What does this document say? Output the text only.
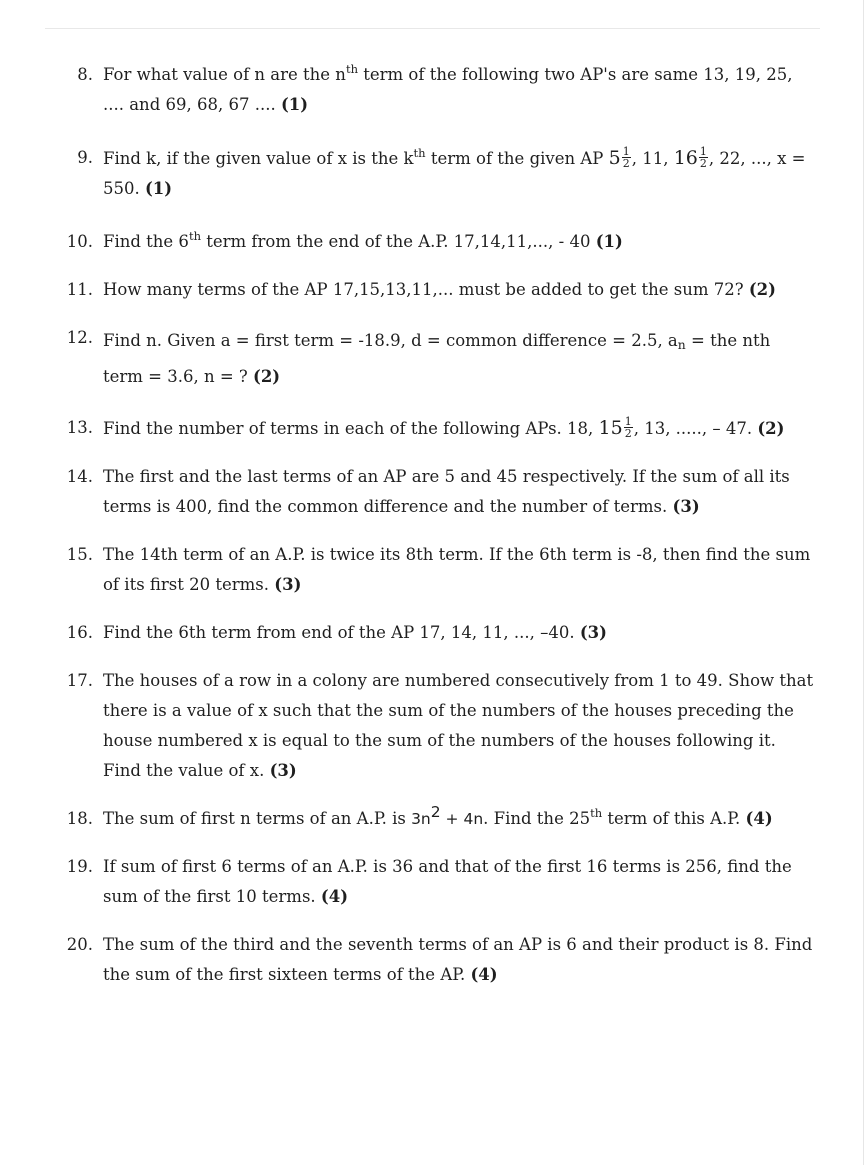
8. For what value of n are the $n^{th}$ term of the following two AP's are same 13, 19, 25, .... and 69, 68, 67 .... (1)
9. Find k, if the given value of x is the $k^{th}$ term of the given AP $5 \frac{1}{2}$ , 11, $16 \frac{1}{2}$ , 22, ..., x = 550. (1)
10. Find the 6th term from the end of the A.P. 17,14,11,..., - 40 (1)
11. How many terms of the AP 17,15,13,11,... must be added to get the sum 72? (2)
12. Find n. Given a = first term = -18.9, d = common difference = 2.5, $a_n$ = the nth term = 3.6, n = ? (2)
13. Find the number of terms in each of the following APs. 18, $15 \frac{1}{2}$ , 13, ....., – 47. (2)
14. The first and the last terms of an AP are 5 and 45 respectively. If the sum of all its terms is 400, find the common difference and the number of terms. (3)
15. The 14th term of an A.P. is twice its 8th term. If the 6th term is -8, then find the sum of its first 20 terms. (3)
16. Find the 6th term from end of the AP 17, 14, 11, ..., –40. (3)
17. The houses of a row in a colony are numbered consecutively from 1 to 49. Show that there is a value of x such that the sum of the numbers of the houses preceding the house numbered x is equal to the sum of the numbers of the houses following it. Find the value of x. (3)
18. The sum of first n terms of an A.P. is $3n^2 + 4n$. Find the 25th term of this A.P. (4)
19. If sum of first 6 terms of an A.P. is 36 and that of the first 16 terms is 256, find the sum of the first 10 terms. (4)
20. The sum of the third and the seventh terms of an AP is 6 and their product is 8. Find the sum of the first sixteen terms of the AP. (4)
